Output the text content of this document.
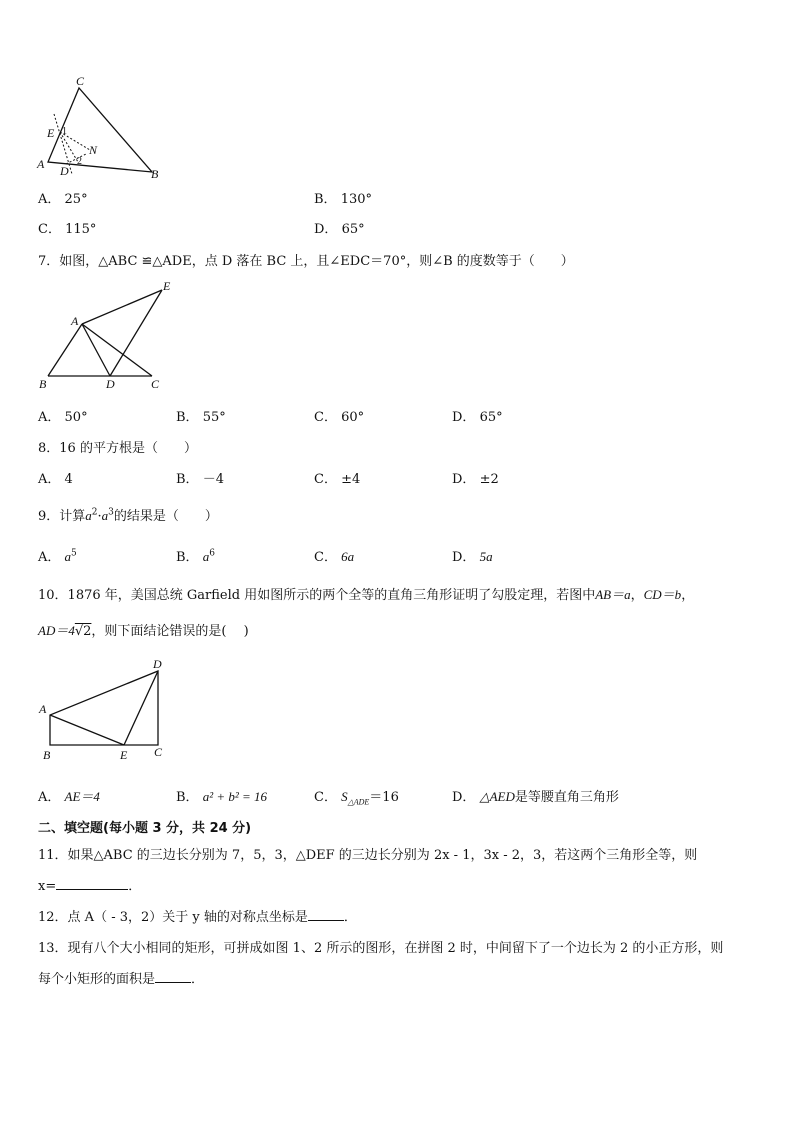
C
E 1
N
A D
2
B
A． 25°	B． 130°
C． 115°	D． 65°
7．如图，△ABC ≌△ADE，点 D 落在 BC 上，且∠EDC＝70°，则∠B 的度数等于（　　）
E
A
B	D	C
A． 50°	B． 55°	C． 60°	D． 65°
8．16 的平方根是（　　）
A． 4	B． －4	C． ±4	D． ±2
9．计算$a^2\cdot a^3$的结果是（　　）
A． $a^5$	B． $a^6$	C． 6a	D． 5a
10．1876 年，美国总统 Garfield 用如图所示的两个全等的直角三角形证明了勾股定理，若图中AB＝a，CD＝b，
AD＝4√2，则下面结论错误的是(　 )
D
A
B	E C
A． AE＝4	B． a² + b² = 16	C． $S_{\triangle ADE}=16$	D． △AED是等腰直角三角形
二、填空题(每小题 3 分，共 24 分)
11．如果△ABC 的三边长分别为 7，5，3，△DEF 的三边长分别为 2x - 1，3x - 2，3，若这两个三角形全等，则
x=	．
12．点 A（ - 3，2）关于 y 轴的对称点坐标是	．
13．现有八个大小相同的矩形，可拼成如图 1、2 所示的图形，在拼图 2 时，中间留下了一个边长为 2 的小正方形，则
每个小矩形的面积是	．
